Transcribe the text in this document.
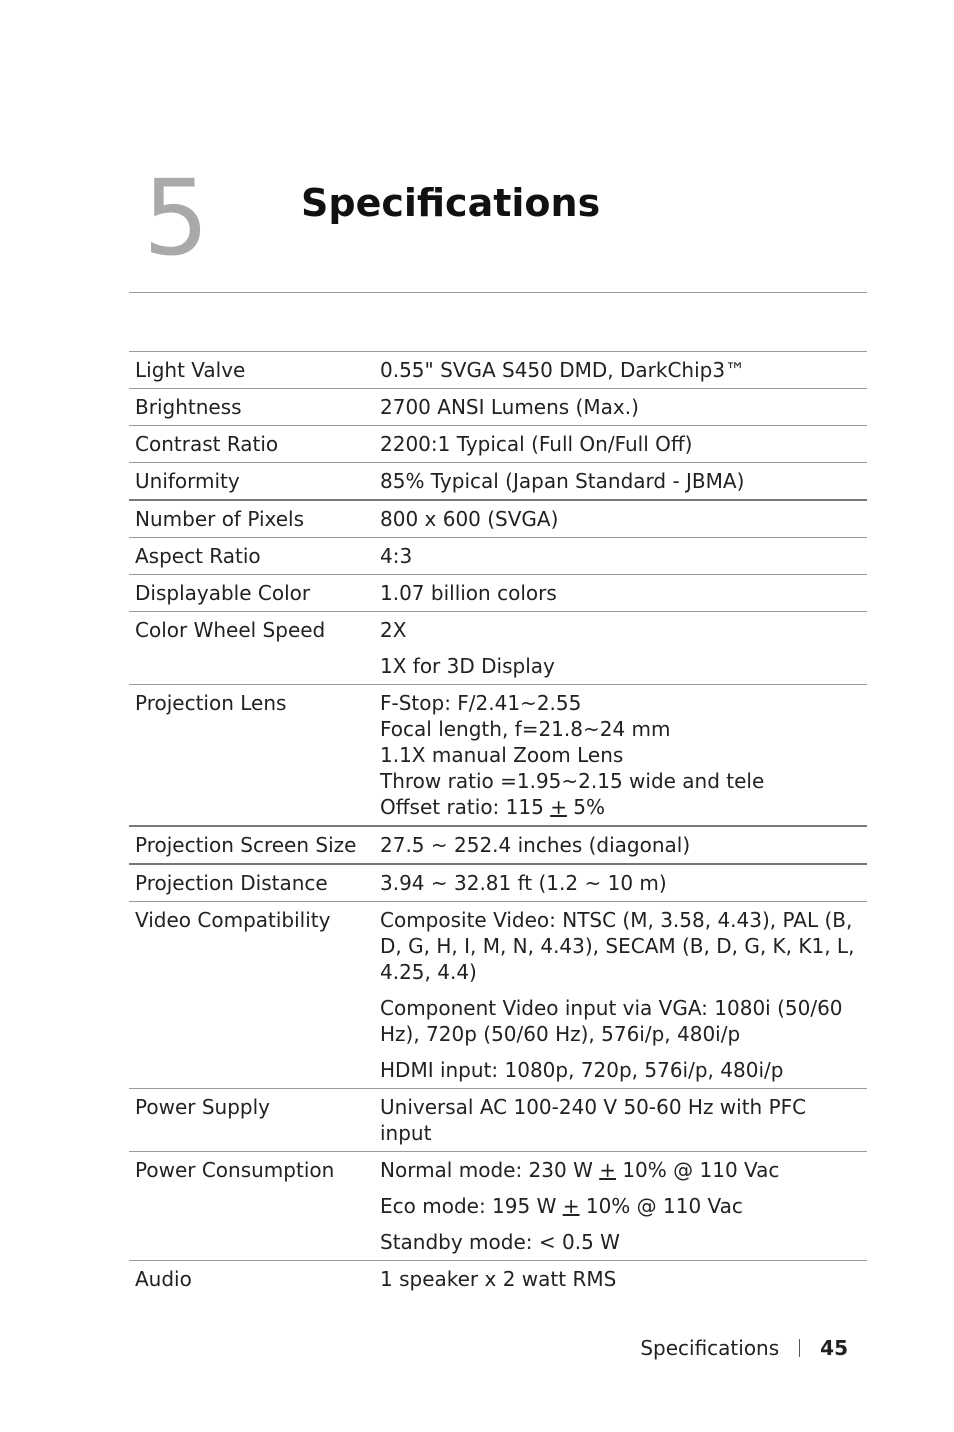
5 Specifications
Light Valve	0.55" SVGA S450 DMD, DarkChip3™

Brightness	2700 ANSI Lumens (Max.)

Contrast Ratio	2200:1 Typical (Full On/Full Off)

Uniformity	85% Typical (Japan Standard - JBMA)

Number of Pixels	800 x 600 (SVGA)

Aspect Ratio	4:3

Displayable Color	1.07 billion colors

Color Wheel Speed	2X

	1X for 3D Display
Projection Lens	F-Stop: F/2.41~2.55
Focal length, f=21.8~24 mm
1.1X manual Zoom Lens
Throw ratio =1.95~2.15 wide and tele
Offset ratio: 115 + 5%

Projection Screen Size	27.5 ~ 252.4 inches (diagonal)

Projection Distance	3.94 ~ 32.81 ft (1.2 ~ 10 m)

Video Compatibility	Composite Video: NTSC (M, 3.58, 4.43), PAL (B, D, G, H, I, M, N, 4.43), SECAM (B, D, G, K, K1, L, 4.25, 4.4)

	Component Video input via VGA: 1080i (50/60 Hz), 720p (50/60 Hz), 576i/p, 480i/p
	HDMI input: 1080p, 720p, 576i/p, 480i/p
Power Supply	Universal AC 100-240 V 50-60 Hz with PFC input

Power Consumption	Normal mode: 230 W + 10% @ 110 Vac

	Eco mode: 195 W + 10% @ 110 Vac
	Standby mode: < 0.5 W
Audio	1 speaker x 2 watt RMS
Specifications 45
